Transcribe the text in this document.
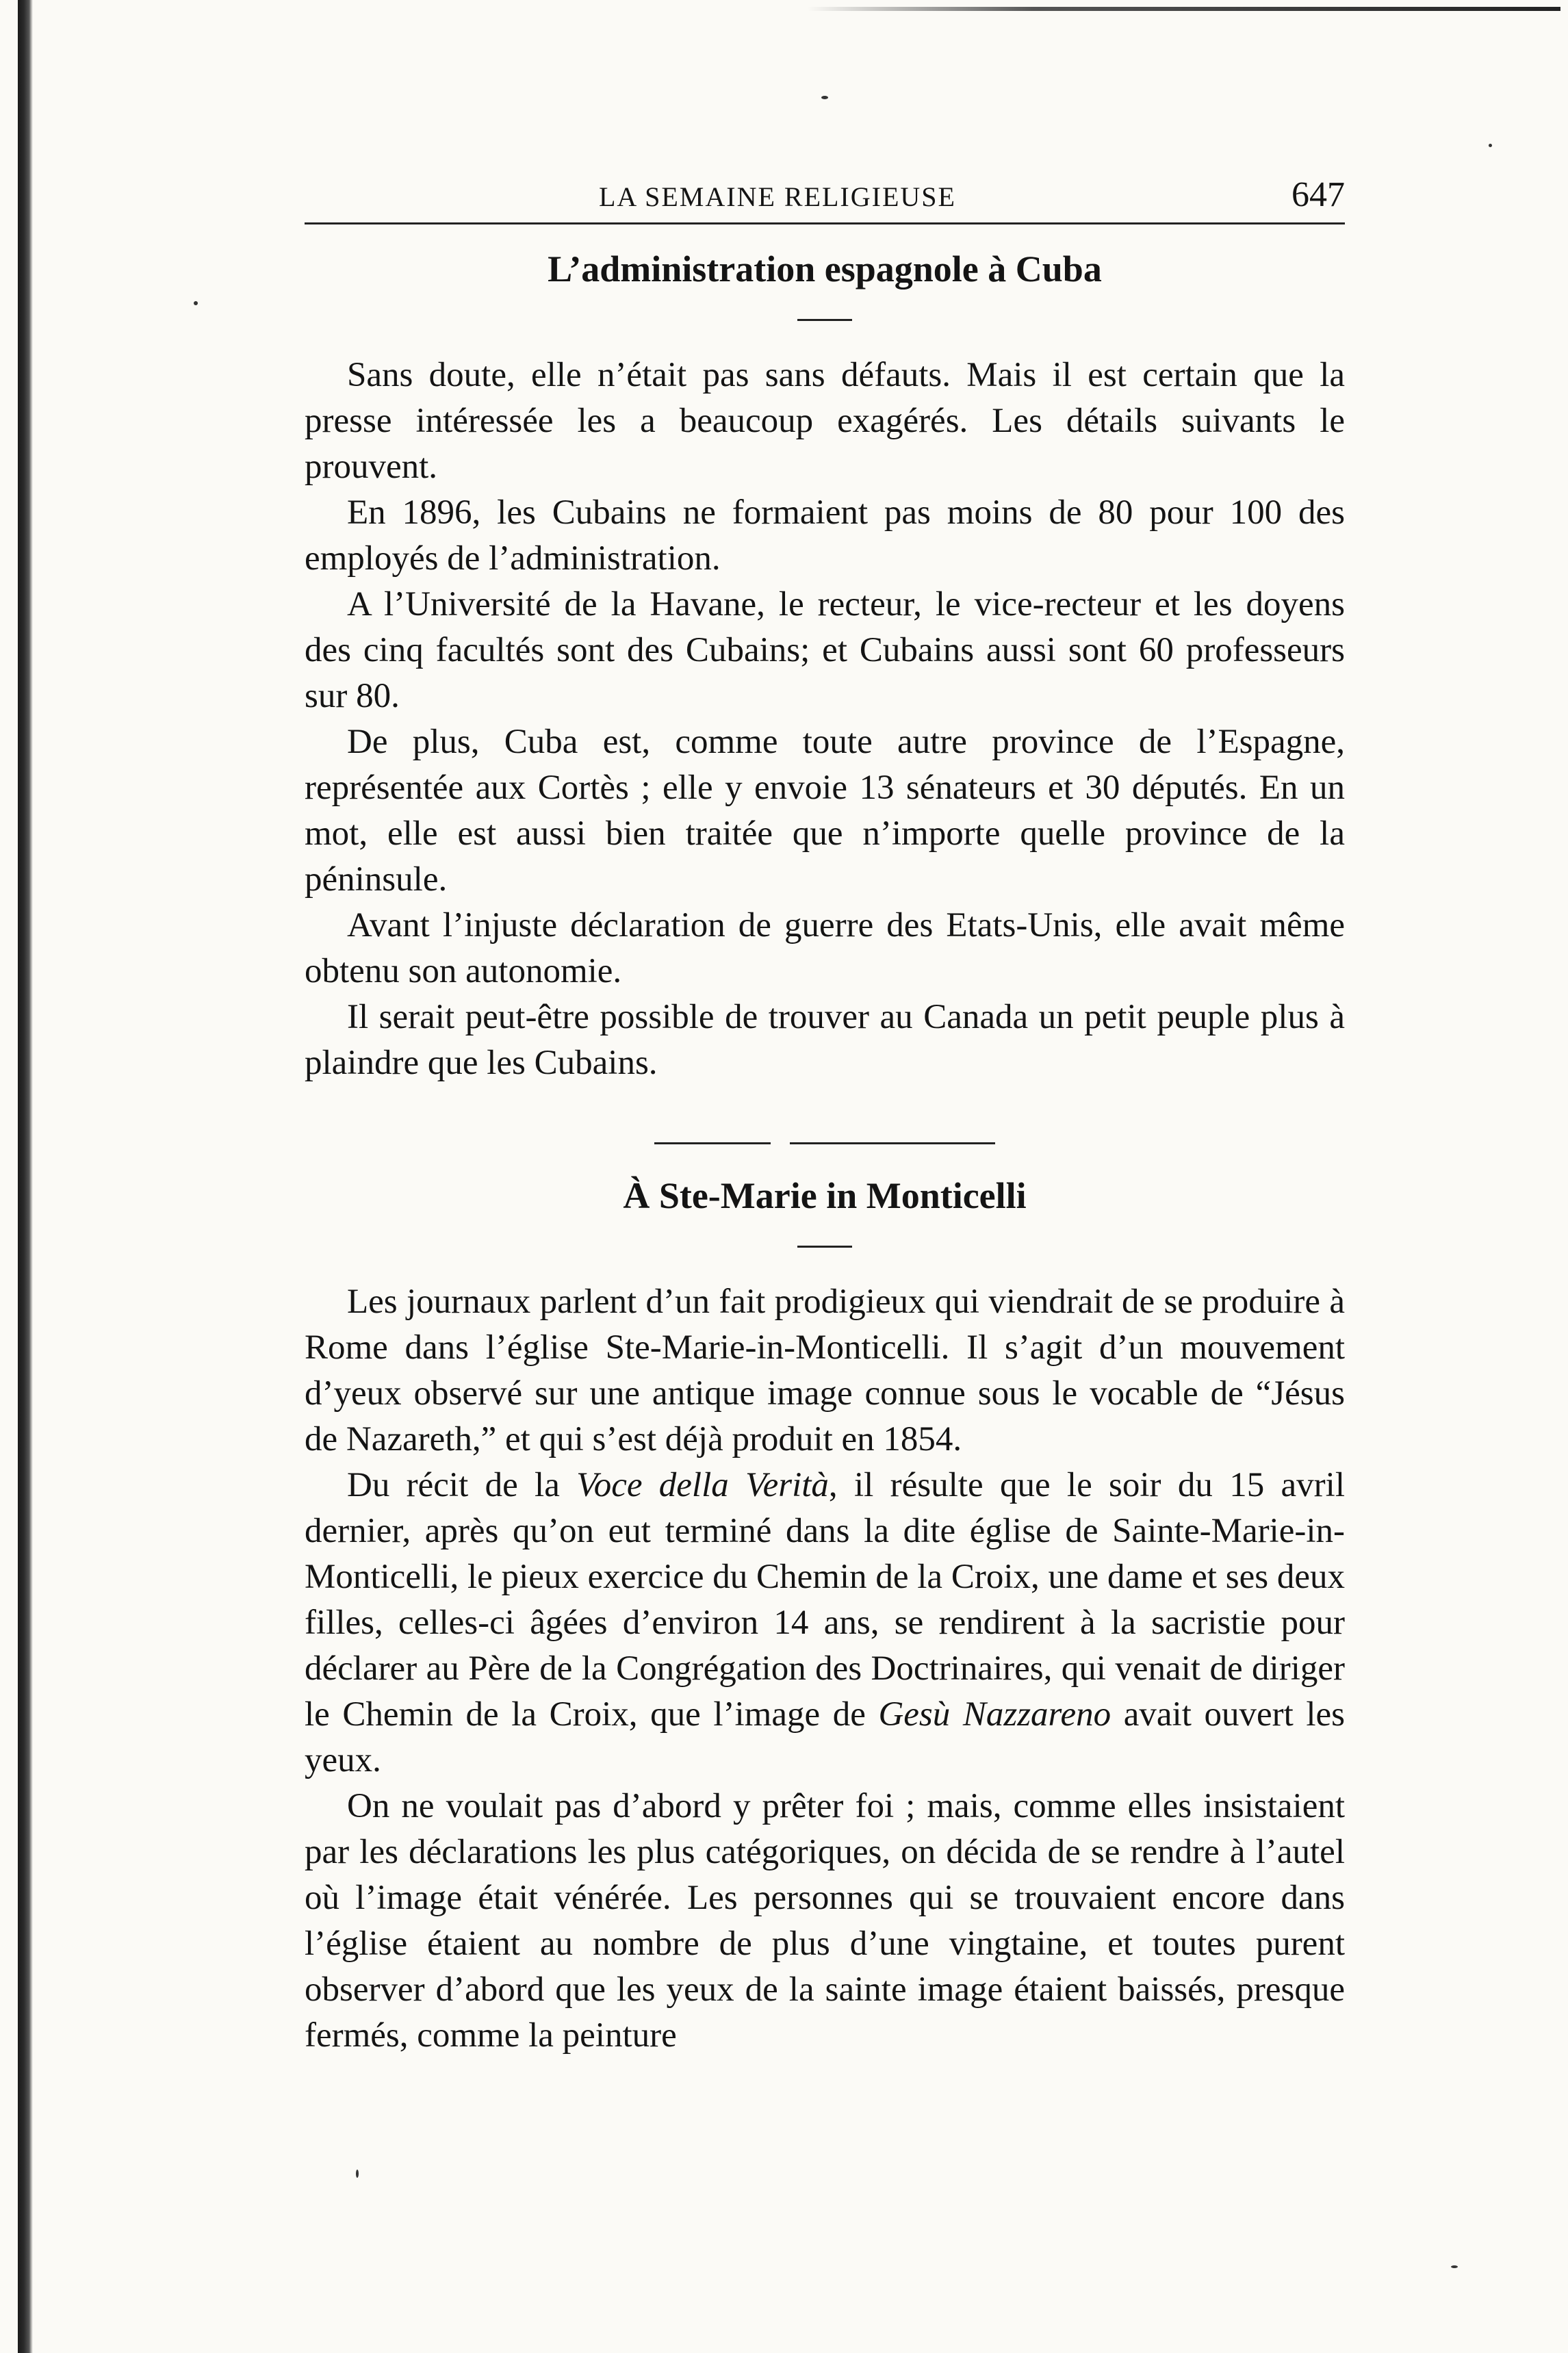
LA SEMAINE RELIGIEUSE	647
L’administration espagnole à Cuba

Sans doute, elle n’était pas sans défauts. Mais il est certain que la presse intéressée les a beaucoup exagérés. Les détails suivants le prouvent.

En 1896, les Cubains ne formaient pas moins de 80 pour 100 des employés de l’administration.

A l’Université de la Havane, le recteur, le vice-recteur et les doyens des cinq facultés sont des Cubains; et Cubains aussi sont 60 professeurs sur 80.

De plus, Cuba est, comme toute autre province de l’Espagne, représentée aux Cortès ; elle y envoie 13 sénateurs et 30 députés. En un mot, elle est aussi bien traitée que n’importe quelle province de la péninsule.

Avant l’injuste déclaration de guerre des Etats-Unis, elle avait même obtenu son autonomie.

Il serait peut-être possible de trouver au Canada un petit peuple plus à plaindre que les Cubains.

À Ste-Marie in Monticelli

Les journaux parlent d’un fait prodigieux qui viendrait de se produire à Rome dans l’église Ste-Marie-in-Monticelli. Il s’agit d’un mouvement d’yeux observé sur une antique image connue sous le vocable de “Jésus de Nazareth,” et qui s’est déjà produit en 1854.

Du récit de la Voce della Verità, il résulte que le soir du 15 avril dernier, après qu’on eut terminé dans la dite église de Sainte-Marie-in-Monticelli, le pieux exercice du Chemin de la Croix, une dame et ses deux filles, celles-ci âgées d’environ 14 ans, se rendirent à la sacristie pour déclarer au Père de la Congrégation des Doctrinaires, qui venait de diriger le Chemin de la Croix, que l’image de Gesù Nazzareno avait ouvert les yeux.

On ne voulait pas d’abord y prêter foi ; mais, comme elles insistaient par les déclarations les plus catégoriques, on décida de se rendre à l’autel où l’image était vénérée. Les personnes qui se trouvaient encore dans l’église étaient au nombre de plus d’une vingtaine, et toutes purent observer d’abord que les yeux de la sainte image étaient baissés, presque fermés, comme la peinture
